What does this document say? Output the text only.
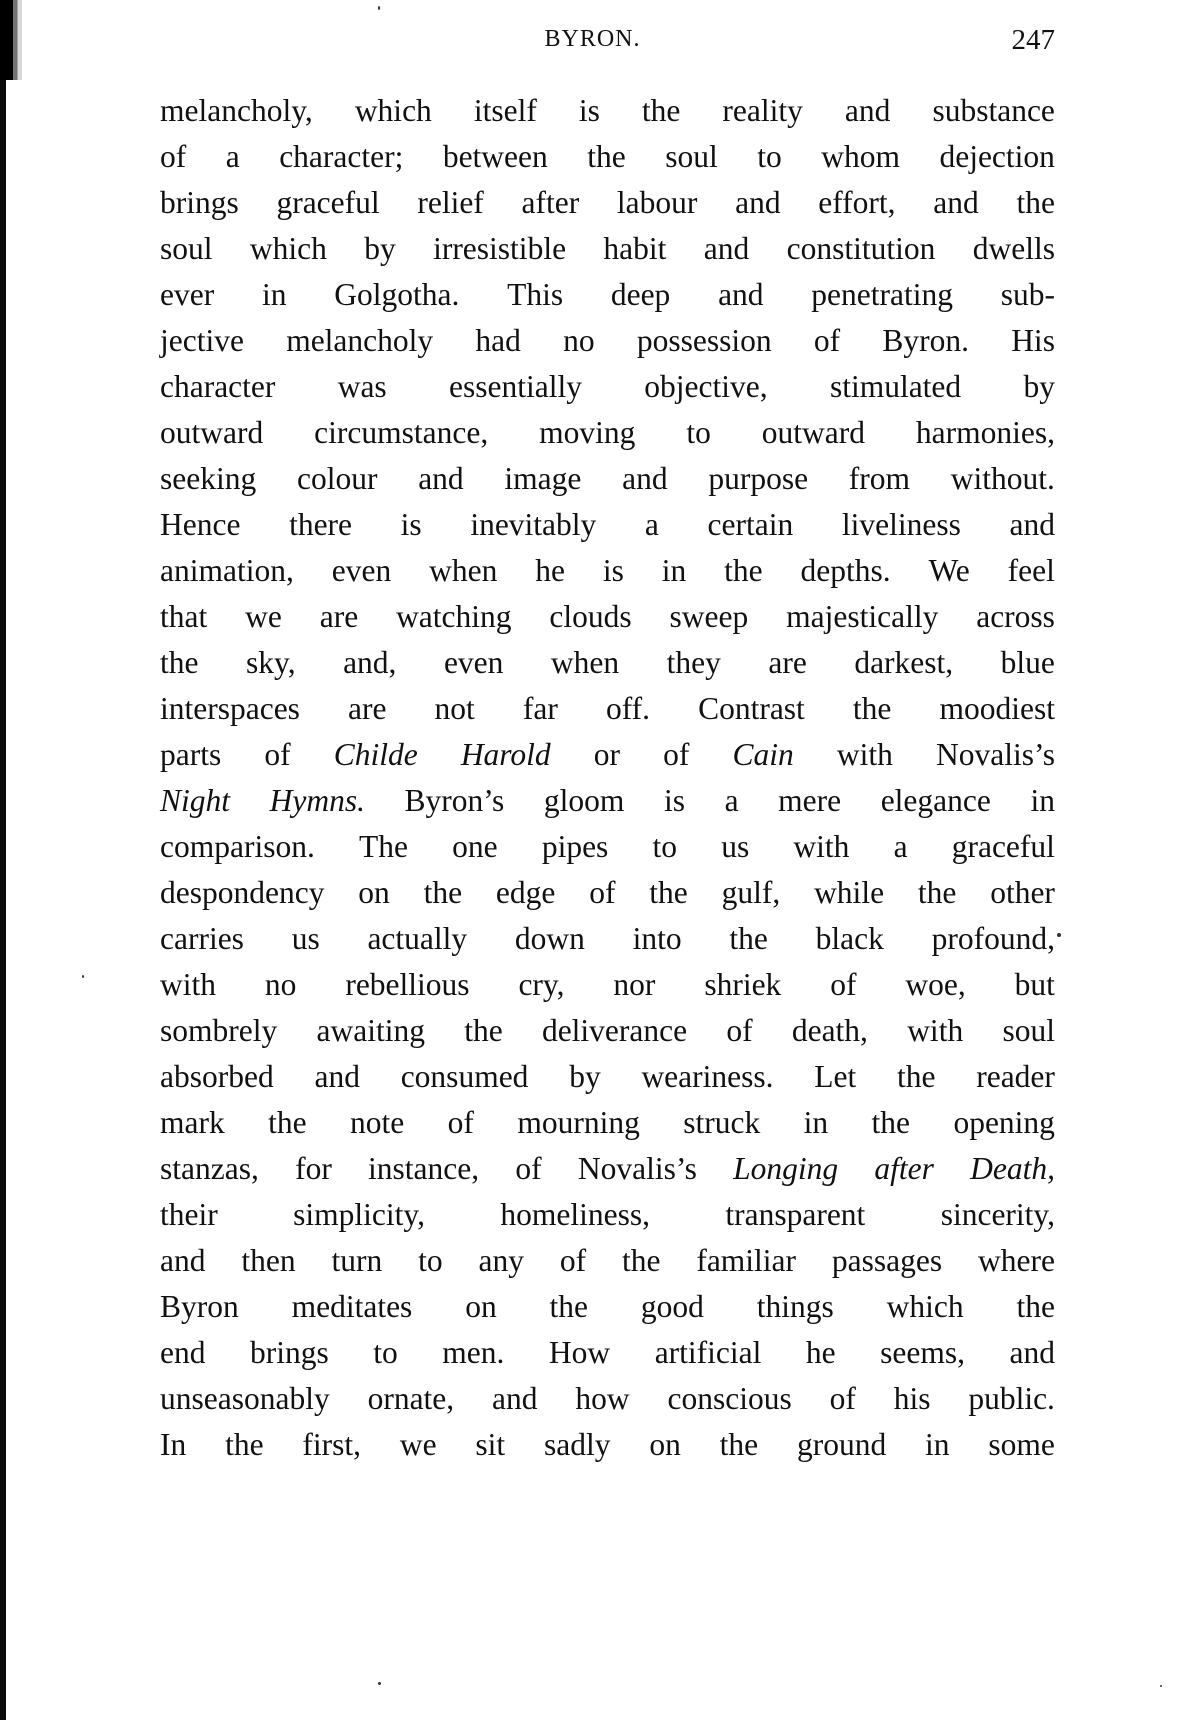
BYRON.	247
melancholy, which itself is the reality and substance
of a character; between the soul to whom dejection
brings graceful relief after labour and effort, and the
soul which by irresistible habit and constitution dwells
ever in Golgotha. This deep and penetrating sub-
jective melancholy had no possession of Byron. His
character was essentially objective, stimulated by
outward circumstance, moving to outward harmonies,
seeking colour and image and purpose from without.
Hence there is inevitably a certain liveliness and
animation, even when he is in the depths. We feel
that we are watching clouds sweep majestically across
the sky, and, even when they are darkest, blue
interspaces are not far off. Contrast the moodiest
parts of Childe Harold or of Cain with Novalis’s
Night Hymns. Byron’s gloom is a mere elegance in
comparison. The one pipes to us with a graceful
despondency on the edge of the gulf, while the other
carries us actually down into the black profound,
with no rebellious cry, nor shriek of woe, but
sombrely awaiting the deliverance of death, with soul
absorbed and consumed by weariness. Let the reader
mark the note of mourning struck in the opening
stanzas, for instance, of Novalis’s Longing after Death,
their simplicity, homeliness, transparent sincerity,
and then turn to any of the familiar passages where
Byron meditates on the good things which the
end brings to men. How artificial he seems, and
unseasonably ornate, and how conscious of his public.
In the first, we sit sadly on the ground in some
